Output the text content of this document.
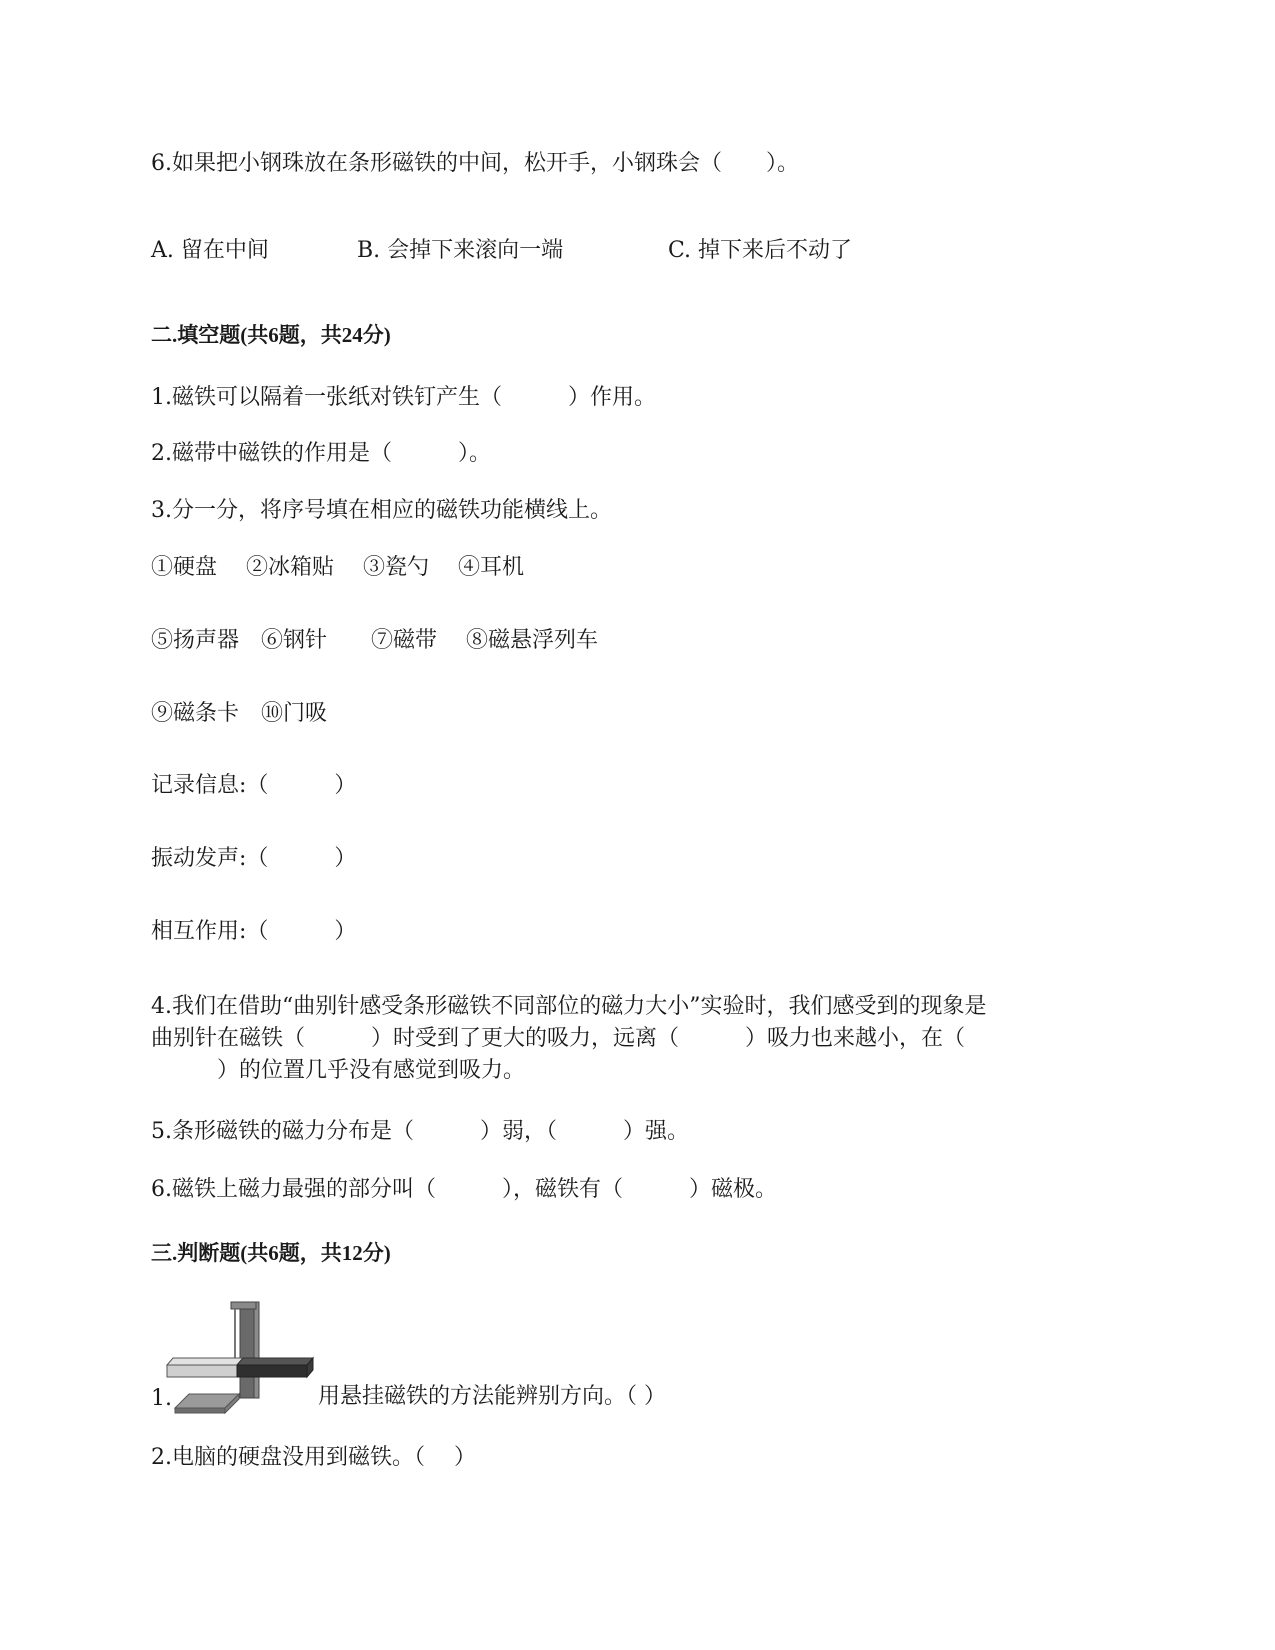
6.如果把小钢珠放在条形磁铁的中间，松开手，小钢珠会（　　）。
A. 留在中间	B. 会掉下来滚向一端	C. 掉下来后不动了
二.填空题(共6题，共24分)
1.磁铁可以隔着一张纸对铁钉产生（　　　）作用。
2.磁带中磁铁的作用是（　　　）。
3.分一分，将序号填在相应的磁铁功能横线上。
①硬盘　 ②冰箱贴　 ③瓷勺　 ④耳机
⑤扬声器　⑥钢针　　⑦磁带　 ⑧磁悬浮列车
⑨磁条卡　⑩门吸
记录信息:（　　　）
振动发声:（　　　）
相互作用:（　　　）
4.我们在借助“曲别针感受条形磁铁不同部位的磁力大小”实验时，我们感受到的现象是
曲别针在磁铁（　　　）时受到了更大的吸力，远离（　　　）吸力也来越小，在（
　　　）的位置几乎没有感觉到吸力。
5.条形磁铁的磁力分布是（　　　）弱，（　　　）强。
6.磁铁上磁力最强的部分叫（　　　），磁铁有（　　　）磁极。
三.判断题(共6题，共12分)
1.	用悬挂磁铁的方法能辨别方向。（ ）
2.电脑的硬盘没用到磁铁。（　 ）
